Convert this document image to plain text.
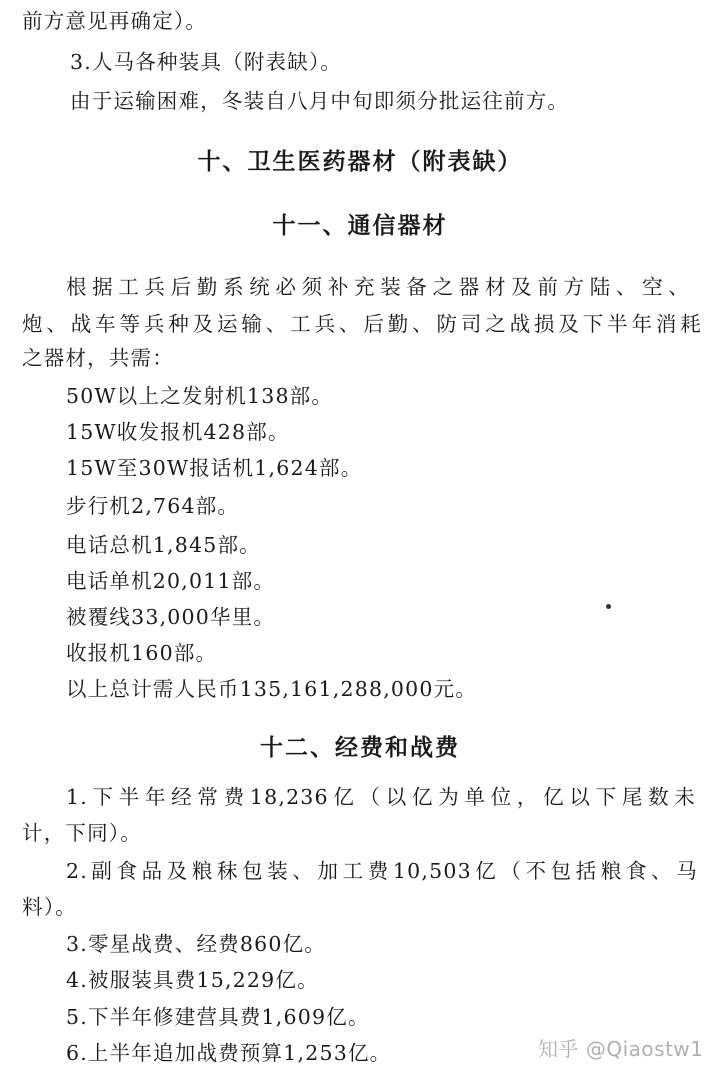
前方意见再确定）。
3.人马各种装具（附表缺）。
由于运输困难，冬装自八月中旬即须分批运往前方。
十、卫生医药器材（附表缺）
十一、通信器材
根据工兵后勤系统必须补充装备之器材及前方陆、空、
炮、战车等兵种及运输、工兵、后勤、防司之战损及下半年消耗
之器材，共需：
50W以上之发射机138部。
15W收发报机428部。
15W至30W报话机1,624部。
步行机2,764部。
电话总机1,845部。
电话单机20,011部。
被覆线33,000华里。
收报机160部。
以上总计需人民币135,161,288,000元。
十二、经费和战费
1.下半年经常费18,236亿（以亿为单位，亿以下尾数未
计，下同）。
2.副食品及粮秣包装、加工费10,503亿（不包括粮食、马
料）。
3.零星战费、经费860亿。
4.被服装具费15,229亿。
5.下半年修建营具费1,609亿。
6.上半年追加战费预算1,253亿。	知乎 @Qiaostw1
